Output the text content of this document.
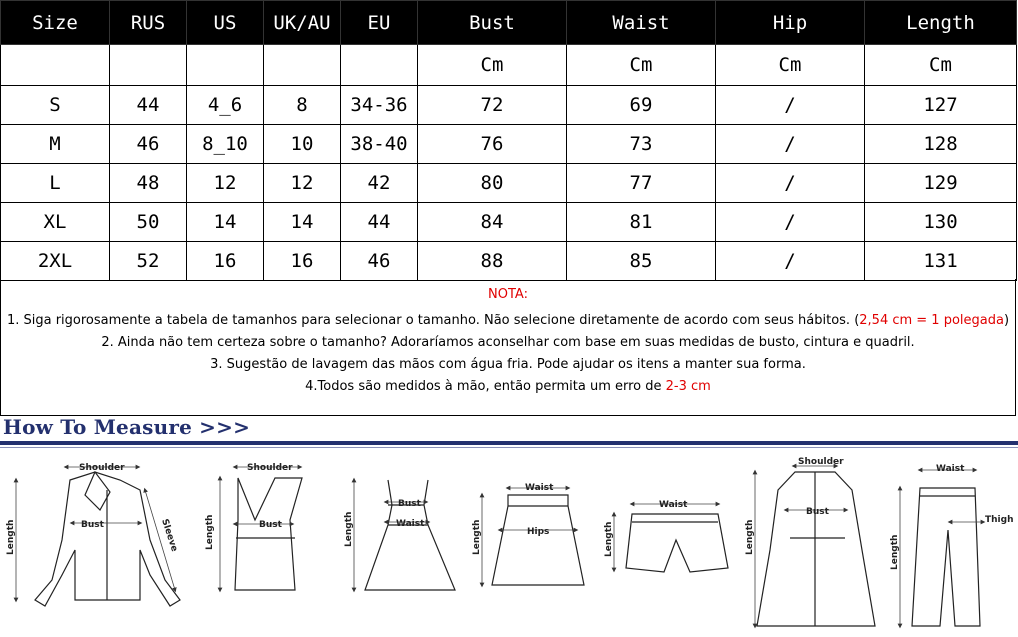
Size	RUS	US	UK/AU	EU	Bust	Waist	Hip	Length
					Cm	Cm	Cm	Cm
S	44	4_6	8	34-36	72	69	/	127
M	46	8_10	10	38-40	76	73	/	128
L	48	12	12	42	80	77	/	129
XL	50	14	14	44	84	81	/	130
2XL	52	16	16	46	88	85	/	131
NOTA:
1. Siga rigorosamente a tabela de tamanhos para selecionar o tamanho. Não selecione diretamente de acordo com seus hábitos. (2,54 cm = 1 polegada)
2. Ainda não tem certeza sobre o tamanho? Adoraríamos aconselhar com base em suas medidas de busto, cintura e quadril.
3. Sugestão de lavagem das mãos com água fria. Pode ajudar os itens a manter sua forma.
4.Todos são medidos à mão, então permita um erro de 2-3 cm
How To Measure >>>
Shoulder
Bust
Length	Sleeve
Shoulder
Bust
Length
Bust
Waist
Length
Waist
Hips
Length
Waist
Length
Shoulder
Bust
Length
Waist
Thigh
Length
